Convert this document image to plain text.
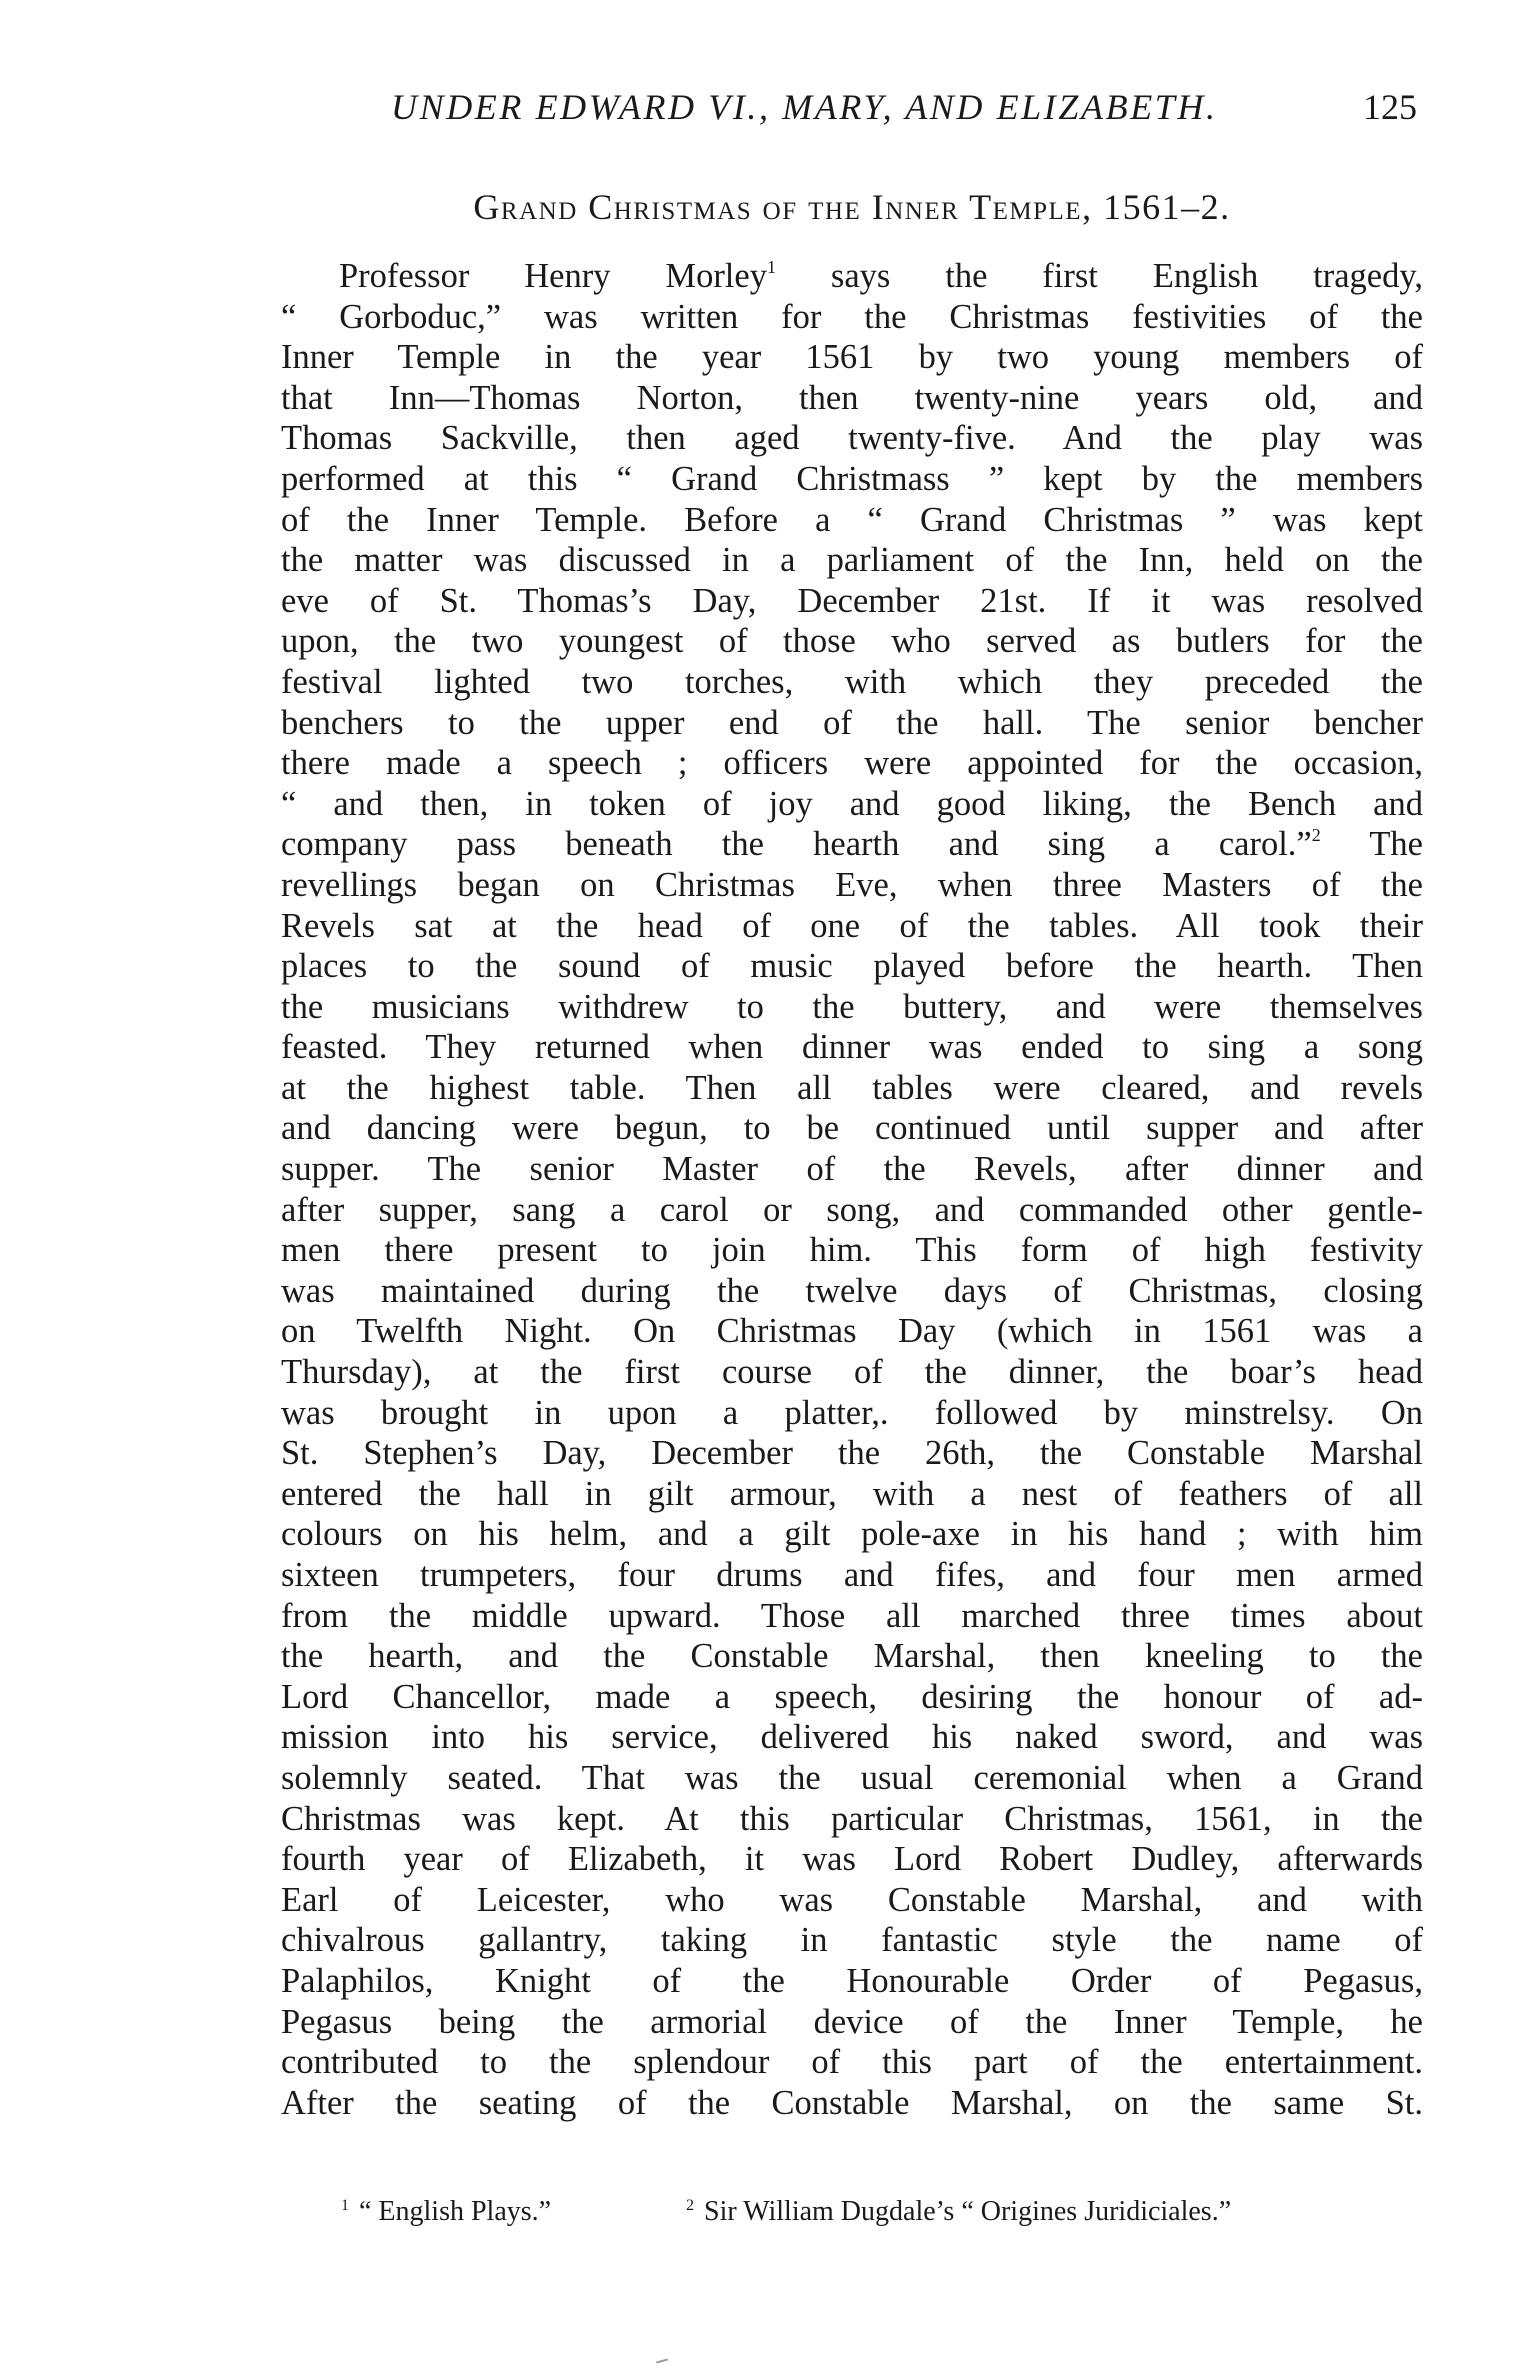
UNDER EDWARD VI., MARY, AND ELIZABETH.	125
Grand Christmas of the Inner Temple, 1561–2.
Professor Henry Morley$^1$ says the first English tragedy,
“ Gorboduc,” was written for the Christmas festivities of the
Inner Temple in the year 1561 by two young members of
that Inn—Thomas Norton, then twenty-nine years old, and
Thomas Sackville, then aged twenty-five. And the play was
performed at this “ Grand Christmass ” kept by the members
of the Inner Temple. Before a “ Grand Christmas ” was kept
the matter was discussed in a parliament of the Inn, held on the
eve of St. Thomas’s Day, December 21st. If it was resolved
upon, the two youngest of those who served as butlers for the
festival lighted two torches, with which they preceded the
benchers to the upper end of the hall. The senior bencher
there made a speech ; officers were appointed for the occasion,
“ and then, in token of joy and good liking, the Bench and
company pass beneath the hearth and sing a carol.”$^2$ The
revellings began on Christmas Eve, when three Masters of the
Revels sat at the head of one of the tables. All took their
places to the sound of music played before the hearth. Then
the musicians withdrew to the buttery, and were themselves
feasted. They returned when dinner was ended to sing a song
at the highest table. Then all tables were cleared, and revels
and dancing were begun, to be continued until supper and after
supper. The senior Master of the Revels, after dinner and
after supper, sang a carol or song, and commanded other gentle-
men there present to join him. This form of high festivity
was maintained during the twelve days of Christmas, closing
on Twelfth Night. On Christmas Day (which in 1561 was a
Thursday), at the first course of the dinner, the boar’s head
was brought in upon a platter,. followed by minstrelsy. On
St. Stephen’s Day, December the 26th, the Constable Marshal
entered the hall in gilt armour, with a nest of feathers of all
colours on his helm, and a gilt pole-axe in his hand ; with him
sixteen trumpeters, four drums and fifes, and four men armed
from the middle upward. Those all marched three times about
the hearth, and the Constable Marshal, then kneeling to the
Lord Chancellor, made a speech, desiring the honour of ad-
mission into his service, delivered his naked sword, and was
solemnly seated. That was the usual ceremonial when a Grand
Christmas was kept. At this particular Christmas, 1561, in the
fourth year of Elizabeth, it was Lord Robert Dudley, afterwards
Earl of Leicester, who was Constable Marshal, and with
chivalrous gallantry, taking in fantastic style the name of
Palaphilos, Knight of the Honourable Order of Pegasus,
Pegasus being the armorial device of the Inner Temple, he
contributed to the splendour of this part of the entertainment.
After the seating of the Constable Marshal, on the same St.
$^1$ “ English Plays.”	$^2$ Sir William Dugdale’s “ Origines Juridiciales.”
